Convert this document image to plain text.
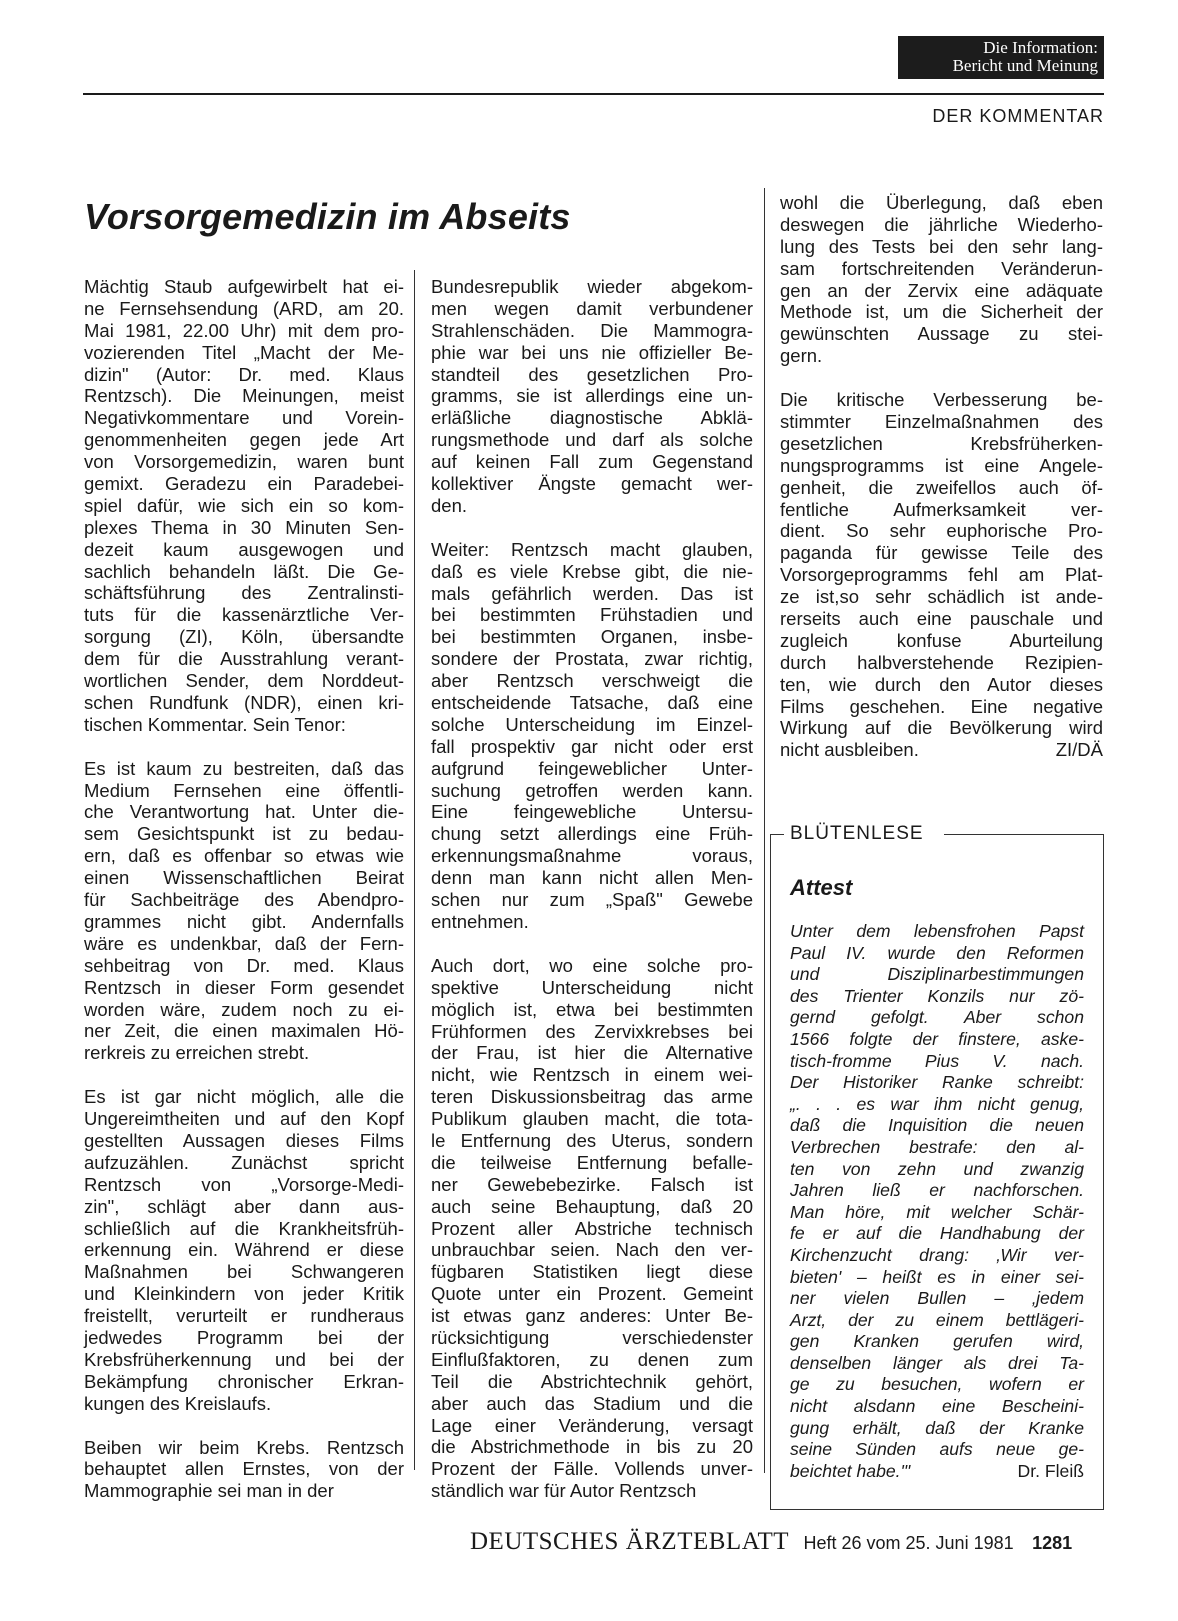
Die Information:
Bericht und Meinung
DER KOMMENTAR
Vorsorgemedizin im Abseits

Mächtig Staub aufgewirbelt hat ei-
ne Fernsehsendung (ARD, am 20.
Mai 1981, 22.00 Uhr) mit dem pro-
vozierenden Titel „Macht der Me-
dizin" (Autor: Dr. med. Klaus
Rentzsch). Die Meinungen, meist
Negativkommentare und Vorein-
genommenheiten gegen jede Art
von Vorsorgemedizin, waren bunt
gemixt. Geradezu ein Paradebei-
spiel dafür, wie sich ein so kom-
plexes Thema in 30 Minuten Sen-
dezeit kaum ausgewogen und
sachlich behandeln läßt. Die Ge-
schäftsführung des Zentralinsti-
tuts für die kassenärztliche Ver-
sorgung (ZI), Köln, übersandte
dem für die Ausstrahlung verant-
wortlichen Sender, dem Norddeut-
schen Rundfunk (NDR), einen kri-
tischen Kommentar. Sein Tenor:

Es ist kaum zu bestreiten, daß das
Medium Fernsehen eine öffentli-
che Verantwortung hat. Unter die-
sem Gesichtspunkt ist zu bedau-
ern, daß es offenbar so etwas wie
einen Wissenschaftlichen Beirat
für Sachbeiträge des Abendpro-
grammes nicht gibt. Andernfalls
wäre es undenkbar, daß der Fern-
sehbeitrag von Dr. med. Klaus
Rentzsch in dieser Form gesendet
worden wäre, zudem noch zu ei-
ner Zeit, die einen maximalen Hö-
rerkreis zu erreichen strebt.

Es ist gar nicht möglich, alle die
Ungereimtheiten und auf den Kopf
gestellten Aussagen dieses Films
aufzuzählen. Zunächst spricht
Rentzsch von „Vorsorge-Medi-
zin", schlägt aber dann aus-
schließlich auf die Krankheitsfrüh-
erkennung ein. Während er diese
Maßnahmen bei Schwangeren
und Kleinkindern von jeder Kritik
freistellt, verurteilt er rundheraus
jedwedes Programm bei der
Krebsfrüherkennung und bei der
Bekämpfung chronischer Erkran-
kungen des Kreislaufs.

Beiben wir beim Krebs. Rentzsch
behauptet allen Ernstes, von der
Mammographie sei man in der

Bundesrepublik wieder abgekom-
men wegen damit verbundener
Strahlenschäden. Die Mammogra-
phie war bei uns nie offizieller Be-
standteil des gesetzlichen Pro-
gramms, sie ist allerdings eine un-
erläßliche diagnostische Abklä-
rungsmethode und darf als solche
auf keinen Fall zum Gegenstand
kollektiver Ängste gemacht wer-
den.

Weiter: Rentzsch macht glauben,
daß es viele Krebse gibt, die nie-
mals gefährlich werden. Das ist
bei bestimmten Frühstadien und
bei bestimmten Organen, insbe-
sondere der Prostata, zwar richtig,
aber Rentzsch verschweigt die
entscheidende Tatsache, daß eine
solche Unterscheidung im Einzel-
fall prospektiv gar nicht oder erst
aufgrund feingeweblicher Unter-
suchung getroffen werden kann.
Eine feingewebliche Untersu-
chung setzt allerdings eine Früh-
erkennungsmaßnahme voraus,
denn man kann nicht allen Men-
schen nur zum „Spaß" Gewebe
entnehmen.

Auch dort, wo eine solche pro-
spektive Unterscheidung nicht
möglich ist, etwa bei bestimmten
Frühformen des Zervixkrebses bei
der Frau, ist hier die Alternative
nicht, wie Rentzsch in einem wei-
teren Diskussionsbeitrag das arme
Publikum glauben macht, die tota-
le Entfernung des Uterus, sondern
die teilweise Entfernung befalle-
ner Gewebebezirke. Falsch ist
auch seine Behauptung, daß 20
Prozent aller Abstriche technisch
unbrauchbar seien. Nach den ver-
fügbaren Statistiken liegt diese
Quote unter ein Prozent. Gemeint
ist etwas ganz anderes: Unter Be-
rücksichtigung verschiedenster
Einflußfaktoren, zu denen zum
Teil die Abstrichtechnik gehört,
aber auch das Stadium und die
Lage einer Veränderung, versagt
die Abstrichmethode in bis zu 20
Prozent der Fälle. Vollends unver-
ständlich war für Autor Rentzsch

wohl die Überlegung, daß eben
deswegen die jährliche Wiederho-
lung des Tests bei den sehr lang-
sam fortschreitenden Veränderun-
gen an der Zervix eine adäquate
Methode ist, um die Sicherheit der
gewünschten Aussage zu stei-
gern.

Die kritische Verbesserung be-
stimmter Einzelmaßnahmen des
gesetzlichen Krebsfrüherken-
nungsprogramms ist eine Angele-
genheit, die zweifellos auch öf-
fentliche Aufmerksamkeit ver-
dient. So sehr euphorische Pro-
paganda für gewisse Teile des
Vorsorgeprogramms fehl am Plat-
ze ist,so sehr schädlich ist ande-
rerseits auch eine pauschale und
zugleich konfuse Aburteilung
durch halbverstehende Rezipien-
ten, wie durch den Autor dieses
Films geschehen. Eine negative
Wirkung auf die Bevölkerung wird

nicht ausbleiben.	ZI/DÄ
BLÜTENLESE
Attest
Unter dem lebensfrohen Papst
Paul IV. wurde den Reformen
und Disziplinarbestimmungen
des Trienter Konzils nur zö-
gernd gefolgt. Aber schon
1566 folgte der finstere, aske-
tisch-fromme Pius V. nach.
Der Historiker Ranke schreibt:
„. . . es war ihm nicht genug,
daß die Inquisition die neuen
Verbrechen bestrafe: den al-
ten von zehn und zwanzig
Jahren ließ er nachforschen.
Man höre, mit welcher Schär-
fe er auf die Handhabung der
Kirchenzucht drang: ‚Wir ver-
bieten' – heißt es in einer sei-
ner vielen Bullen – ‚jedem
Arzt, der zu einem bettlägeri-
gen Kranken gerufen wird,
denselben länger als drei Ta-
ge zu besuchen, wofern er
nicht alsdann eine Bescheini-
gung erhält, daß der Kranke
seine Sünden aufs neue ge-
beichtet habe.'"	Dr. Fleiß
DEUTSCHES ÄRZTEBLATT Heft 26 vom 25. Juni 1981 1281
